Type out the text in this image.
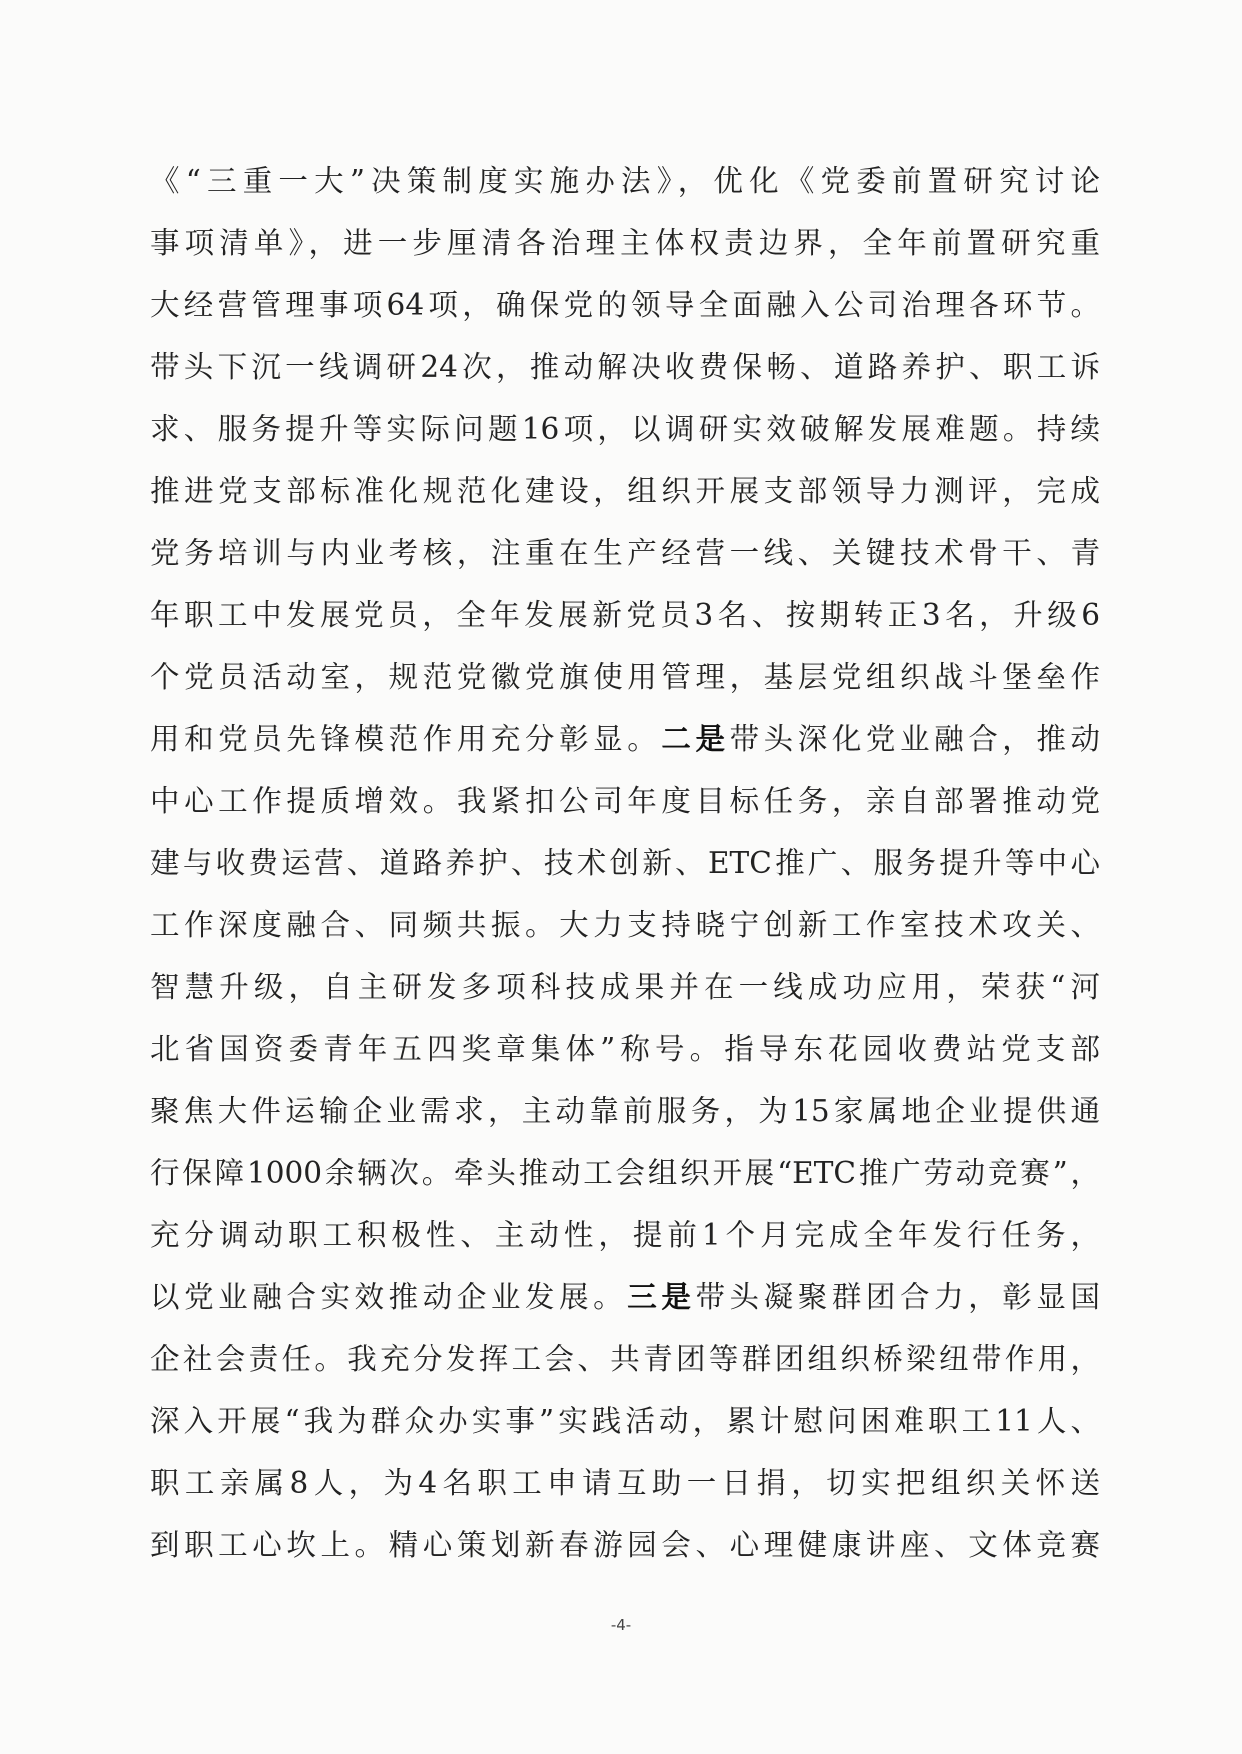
《“三重一大”决策制度实施办法》，优化《党委前置研究讨论
事项清单》，进一步厘清各治理主体权责边界，全年前置研究重
大经营管理事项64项，确保党的领导全面融入公司治理各环节。
带头下沉一线调研24次，推动解决收费保畅、道路养护、职工诉
求、服务提升等实际问题16项，以调研实效破解发展难题。持续
推进党支部标准化规范化建设，组织开展支部领导力测评，完成
党务培训与内业考核，注重在生产经营一线、关键技术骨干、青
年职工中发展党员，全年发展新党员3名、按期转正3名，升级6
个党员活动室，规范党徽党旗使用管理，基层党组织战斗堡垒作
用和党员先锋模范作用充分彰显。二是带头深化党业融合，推动
中心工作提质增效。我紧扣公司年度目标任务，亲自部署推动党
建与收费运营、道路养护、技术创新、ETC推广、服务提升等中心
工作深度融合、同频共振。大力支持晓宁创新工作室技术攻关、
智慧升级，自主研发多项科技成果并在一线成功应用，荣获“河
北省国资委青年五四奖章集体”称号。指导东花园收费站党支部
聚焦大件运输企业需求，主动靠前服务，为15家属地企业提供通
行保障1000余辆次。牵头推动工会组织开展“ETC推广劳动竞赛”，
充分调动职工积极性、主动性，提前1个月完成全年发行任务，
以党业融合实效推动企业发展。三是带头凝聚群团合力，彰显国
企社会责任。我充分发挥工会、共青团等群团组织桥梁纽带作用，
深入开展“我为群众办实事”实践活动，累计慰问困难职工11人、
职工亲属8人，为4名职工申请互助一日捐，切实把组织关怀送
到职工心坎上。精心策划新春游园会、心理健康讲座、文体竞赛
-4-
